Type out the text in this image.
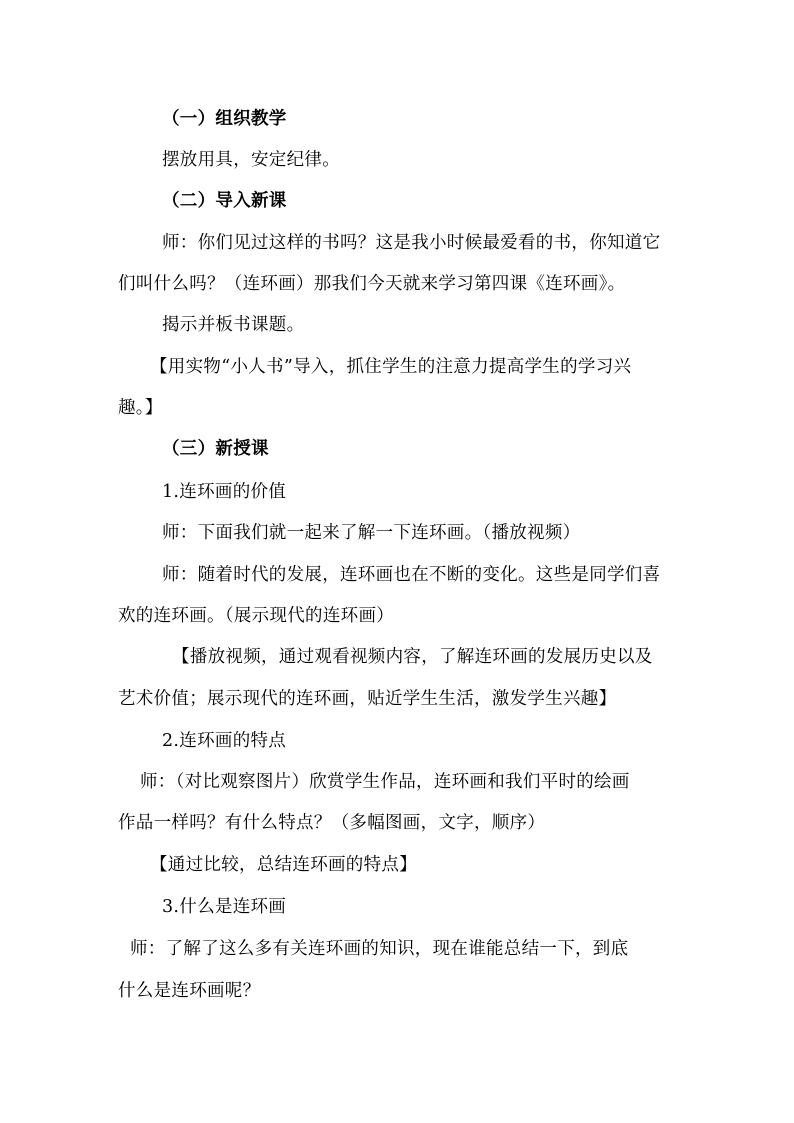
（一）组织教学
摆放用具，安定纪律。
（二）导入新课
师：你们见过这样的书吗？这是我小时候最爱看的书，你知道它
们叫什么吗？（连环画）那我们今天就来学习第四课《连环画》。
揭示并板书课题。
【用实物“小人书”导入，抓住学生的注意力提高学生的学习兴
趣。】
（三）新授课
1.连环画的价值
师：下面我们就一起来了解一下连环画。（播放视频）
师：随着时代的发展，连环画也在不断的变化。这些是同学们喜
欢的连环画。（展示现代的连环画）
【播放视频，通过观看视频内容，了解连环画的发展历史以及
艺术价值；展示现代的连环画，贴近学生生活，激发学生兴趣】
2.连环画的特点
师：（对比观察图片）欣赏学生作品，连环画和我们平时的绘画
作品一样吗？有什么特点？（多幅图画，文字，顺序）
【通过比较，总结连环画的特点】
3.什么是连环画
师：了解了这么多有关连环画的知识，现在谁能总结一下，到底
什么是连环画呢？
